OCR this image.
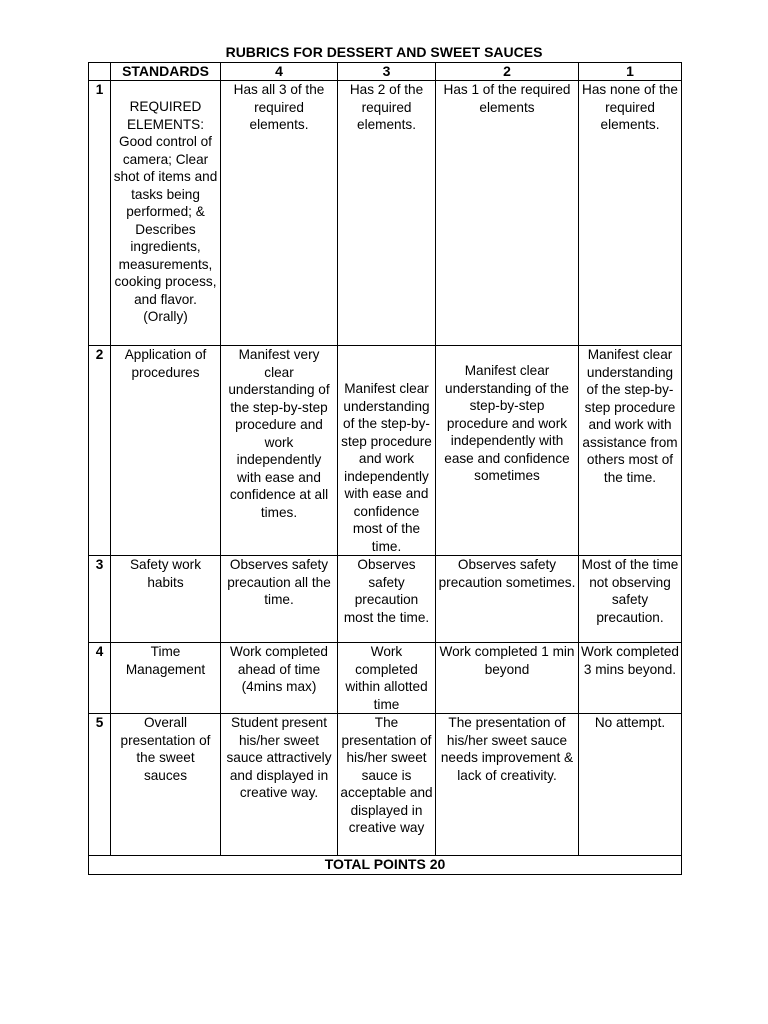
RUBRICS FOR DESSERT AND SWEET SAUCES
	STANDARDS	4	3	2	1
1	REQUIRED ELEMENTS: Good control of camera; Clear shot of items and tasks being performed; & Describes ingredients, measurements, cooking process, and flavor. (Orally)	Has all 3 of the required elements.	Has 2 of the required elements.	Has 1 of the required elements	Has none of the required elements.
2	Application of procedures	Manifest very clear understanding of the step-by-step procedure and work independently with ease and confidence at all times.	Manifest clear understanding of the step-by-step procedure and work independently with ease and confidence most of the time.	Manifest clear understanding of the step-by-step procedure and work independently with ease and confidence sometimes	Manifest clear understanding of the step-by-step procedure and work with assistance from others most of the time.
3	Safety work habits	Observes safety precaution all the time.	Observes safety precaution most the time.	Observes safety precaution sometimes.	Most of the time not observing safety precaution.
4	Time Management	Work completed ahead of time (4mins max)	Work completed within allotted time	Work completed 1 min beyond	Work completed 3 mins beyond.
5	Overall presentation of the sweet sauces	Student present his/her sweet sauce attractively and displayed in creative way.	The presentation of his/her sweet sauce is acceptable and displayed in creative way	The presentation of his/her sweet sauce needs improvement & lack of creativity.	No attempt.
TOTAL POINTS 20					
